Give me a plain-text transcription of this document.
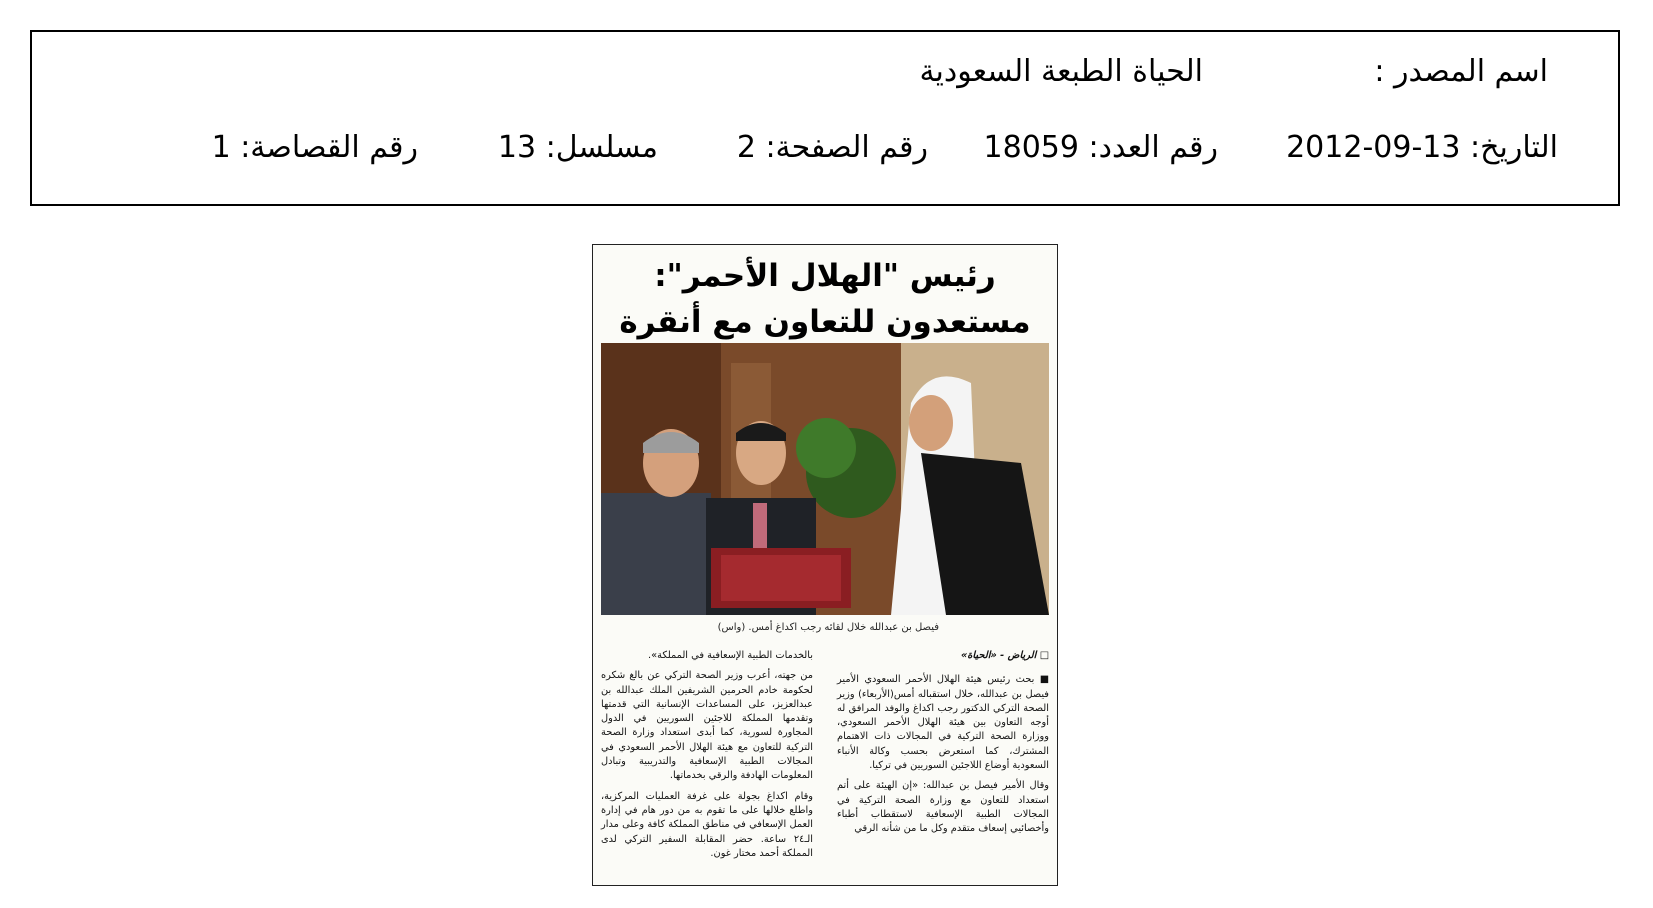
اسم المصدر :
الحياة الطبعة السعودية
التاريخ: 13-09-2012
رقم العدد: 18059
رقم الصفحة: 2
مسلسل: 13
رقم القصاصة: 1
رئيس "الهلال الأحمر": مستعدون للتعاون مع أنقرة
فيصل بن عبدالله خلال لقائه رجب اكداغ أمس. (واس)
□ الرياض - «الحياة»

■ بحث رئيس هيئة الهلال الأحمر السعودي الأمير فيصل بن عبدالله، خلال استقباله أمس(الأربعاء) وزير الصحة التركي الدكتور رجب اكداغ والوفد المرافق له أوجه التعاون بين هيئة الهلال الأحمر السعودي، ووزارة الصحة التركية في المجالات ذات الاهتمام المشترك، كما استعرض بحسب وكالة الأنباء السعودية أوضاع اللاجئين السوريين في تركيا.

وقال الأمير فيصل بن عبدالله: «إن الهيئة على أتم استعداد للتعاون مع وزارة الصحة التركية في المجالات الطبية الإسعافية لاستقطاب أطباء وأخصائيي إسعاف متقدم وكل ما من شأنه الرقي

بالخدمات الطبية الإسعافية في المملكة».

من جهته، أعرب وزير الصحة التركي عن بالغ شكره لحكومة خادم الحرمين الشريفين الملك عبدالله بن عبدالعزيز، على المساعدات الإنسانية التي قدمتها وتقدمها المملكة للاجئين السوريين في الدول المجاورة لسورية، كما أبدى استعداد وزارة الصحة التركية للتعاون مع هيئة الهلال الأحمر السعودي في المجالات الطبية الإسعافية والتدريبية وتبادل المعلومات الهادفة والرقي بخدماتها.

وقام اكداغ بجولة على غرفة العمليات المركزية، واطلع خلالها على ما تقوم به من دور هام في إدارة العمل الإسعافي في مناطق المملكة كافة وعلى مدار الـ٢٤ ساعة. حضر المقابلة السفير التركي لدى المملكة أحمد مختار غون.
